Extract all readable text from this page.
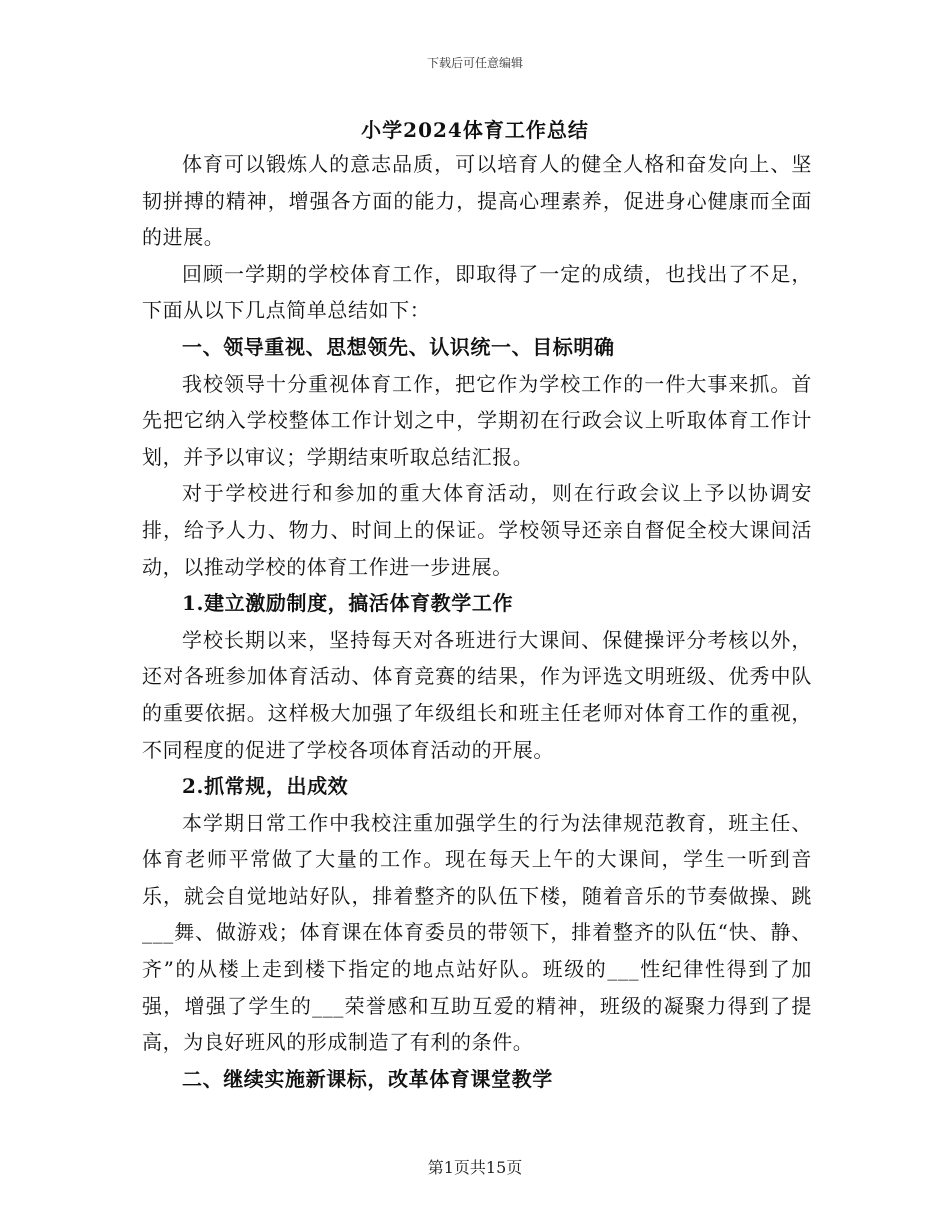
下载后可任意编辑
小学2024体育工作总结

体育可以锻炼人的意志品质，可以培育人的健全人格和奋发向上、坚韧拼搏的精神，增强各方面的能力，提高心理素养，促进身心健康而全面的进展。

回顾一学期的学校体育工作，即取得了一定的成绩，也找出了不足，下面从以下几点简单总结如下：

一、领导重视、思想领先、认识统一、目标明确

我校领导十分重视体育工作，把它作为学校工作的一件大事来抓。首先把它纳入学校整体工作计划之中，学期初在行政会议上听取体育工作计划，并予以审议；学期结束听取总结汇报。

对于学校进行和参加的重大体育活动，则在行政会议上予以协调安排，给予人力、物力、时间上的保证。学校领导还亲自督促全校大课间活动，以推动学校的体育工作进一步进展。

1.建立激励制度，搞活体育教学工作

学校长期以来，坚持每天对各班进行大课间、保健操评分考核以外，还对各班参加体育活动、体育竞赛的结果，作为评选文明班级、优秀中队的重要依据。这样极大加强了年级组长和班主任老师对体育工作的重视，不同程度的促进了学校各项体育活动的开展。

2.抓常规，出成效

本学期日常工作中我校注重加强学生的行为法律规范教育，班主任、体育老师平常做了大量的工作。现在每天上午的大课间，学生一听到音乐，就会自觉地站好队，排着整齐的队伍下楼，随着音乐的节奏做操、跳___舞、做游戏；体育课在体育委员的带领下，排着整齐的队伍“快、静、齐”的从楼上走到楼下指定的地点站好队。班级的___性纪律性得到了加强，增强了学生的___荣誉感和互助互爱的精神，班级的凝聚力得到了提高，为良好班风的形成制造了有利的条件。

二、继续实施新课标，改革体育课堂教学
第1页共15页
